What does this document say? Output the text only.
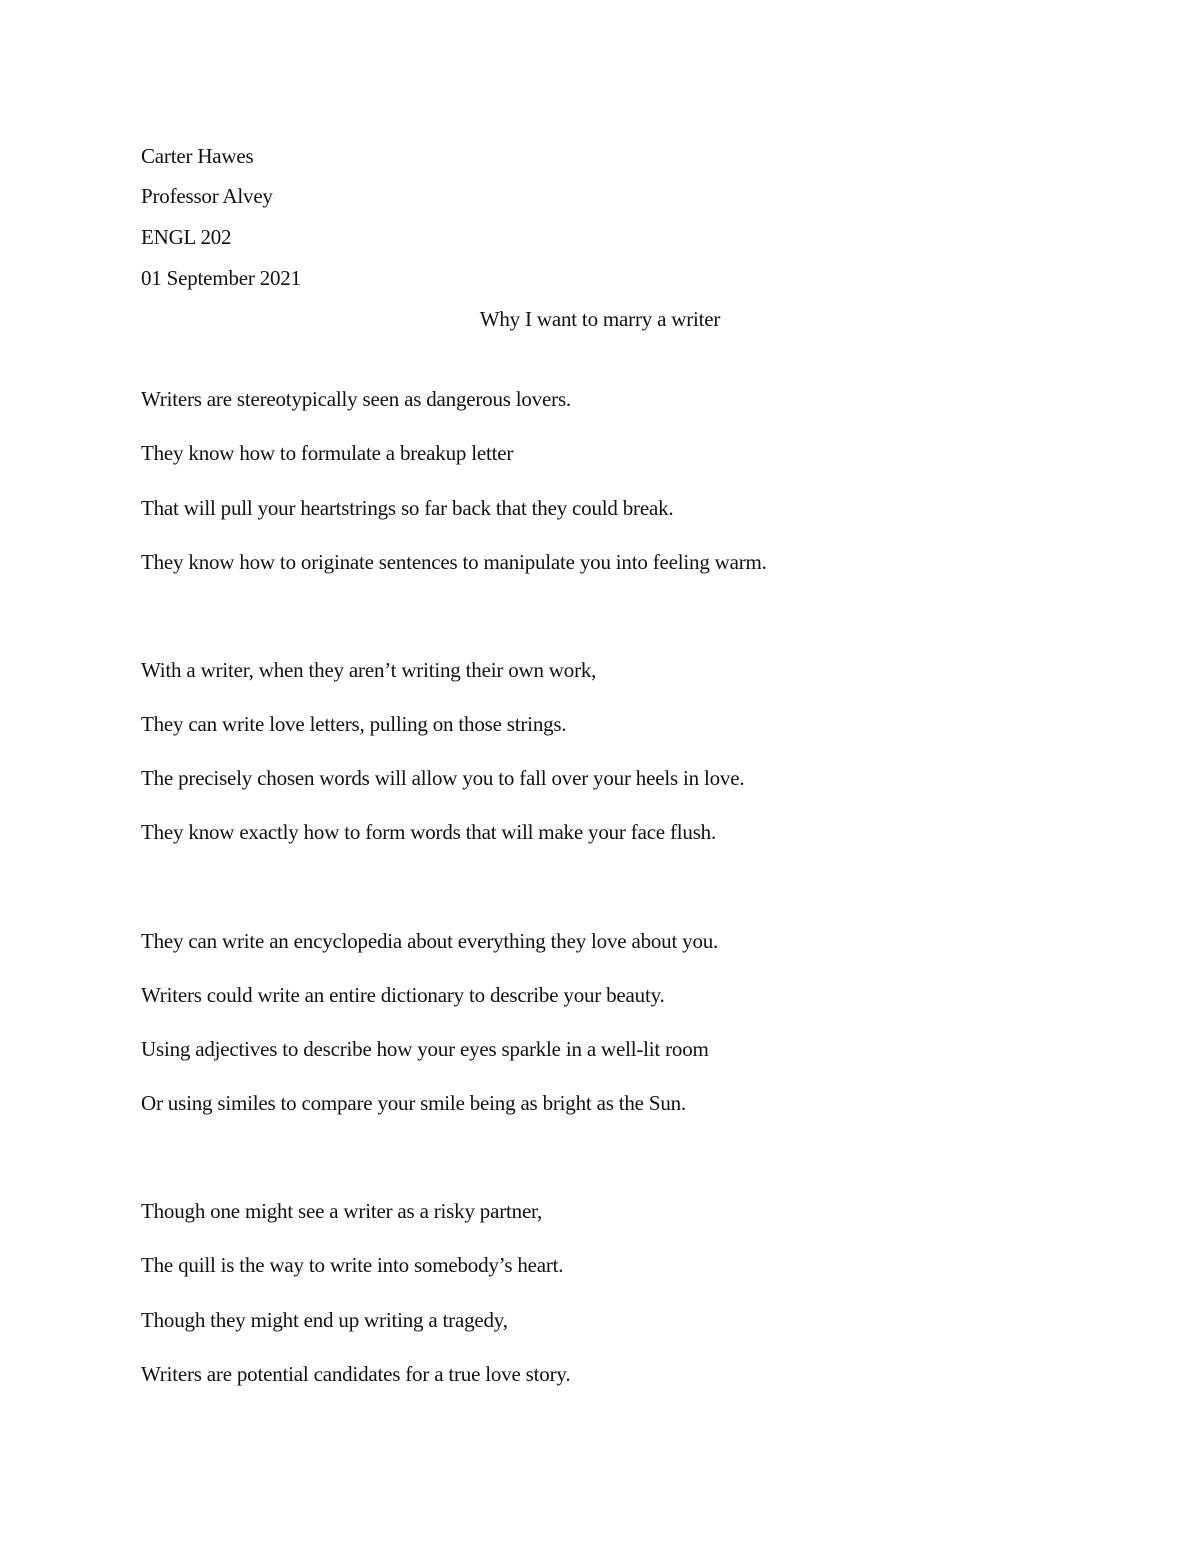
Carter Hawes
Professor Alvey
ENGL 202
01 September 2021
Why I want to marry a writer
Writers are stereotypically seen as dangerous lovers.
They know how to formulate a breakup letter
That will pull your heartstrings so far back that they could break.
They know how to originate sentences to manipulate you into feeling warm.
With a writer, when they aren’t writing their own work,
They can write love letters, pulling on those strings.
The precisely chosen words will allow you to fall over your heels in love.
They know exactly how to form words that will make your face flush.
They can write an encyclopedia about everything they love about you.
Writers could write an entire dictionary to describe your beauty.
Using adjectives to describe how your eyes sparkle in a well-lit room
Or using similes to compare your smile being as bright as the Sun.
Though one might see a writer as a risky partner,
The quill is the way to write into somebody’s heart.
Though they might end up writing a tragedy,
Writers are potential candidates for a true love story.
